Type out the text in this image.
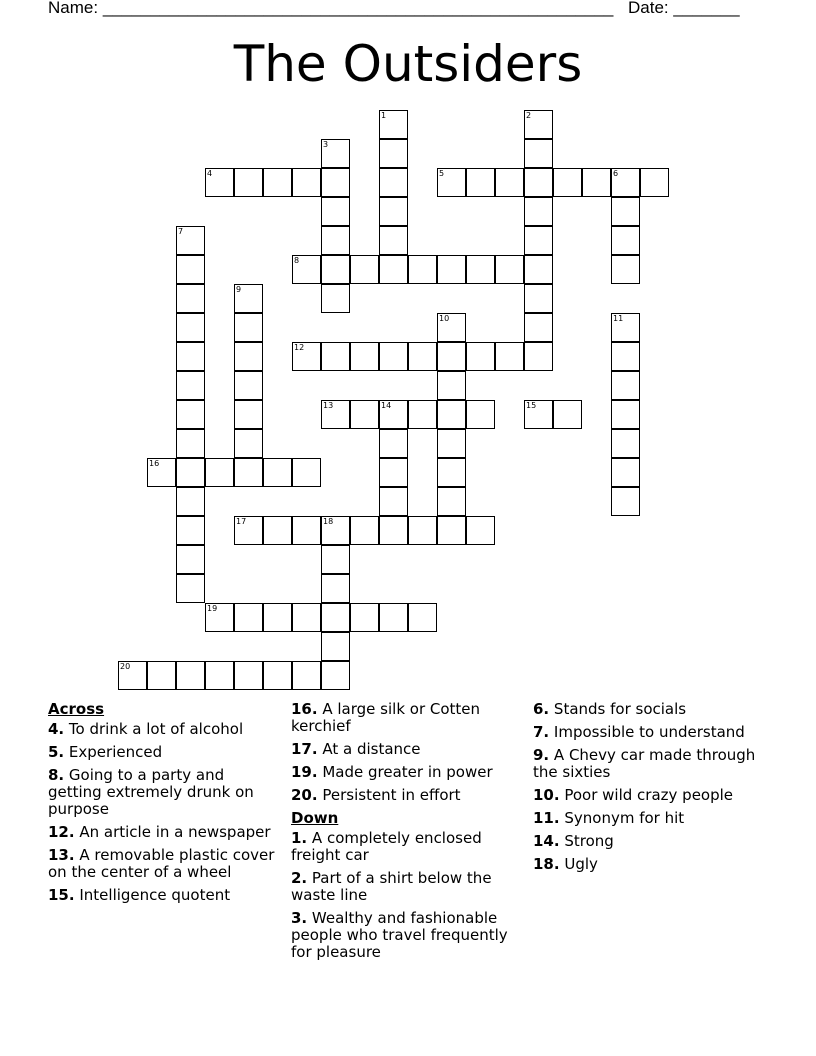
Name: ______________________________________________________ Date: _______
The Outsiders
1	2
3
4	5	6
7
8
9
10	11
12
13	14	15
16
17	18
19
20
Across
4. To drink a lot of alcohol
5. Experienced
8. Going to a party and getting extremely drunk on purpose
12. An article in a newspaper
13. A removable plastic cover on the center of a wheel
15. Intelligence quotent
16. A large silk or Cotten kerchief
17. At a distance
19. Made greater in power
20. Persistent in effort
Down
1. A completely enclosed freight car
2. Part of a shirt below the waste line
3. Wealthy and fashionable people who travel frequently for pleasure
6. Stands for socials
7. Impossible to understand
9. A Chevy car made through the sixties
10. Poor wild crazy people
11. Synonym for hit
14. Strong
18. Ugly
